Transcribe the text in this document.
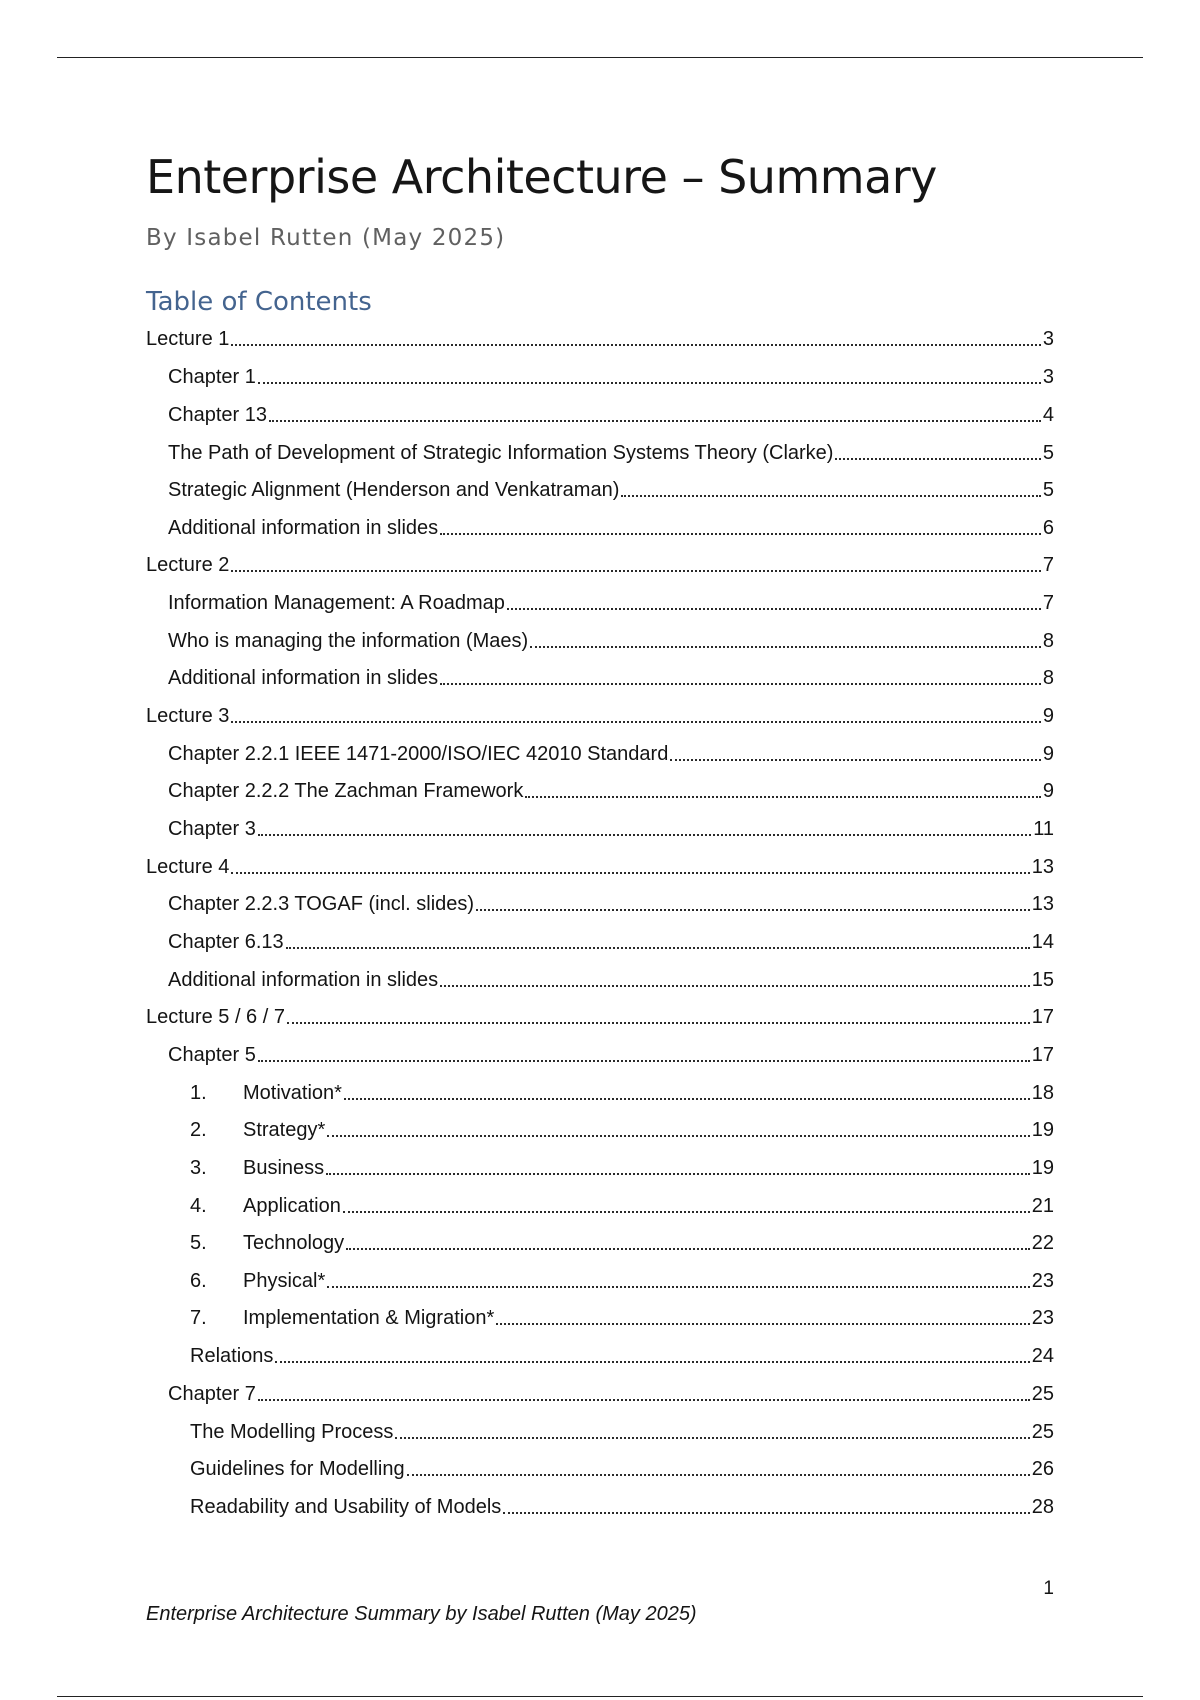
Enterprise Architecture – Summary
By Isabel Rutten (May 2025)
Table of Contents
Lecture 1	3
Chapter 1	3
Chapter 13	4
The Path of Development of Strategic Information Systems Theory (Clarke)	5
Strategic Alignment (Henderson and Venkatraman)	5
Additional information in slides	6
Lecture 2	7
Information Management: A Roadmap	7
Who is managing the information (Maes)	8
Additional information in slides	8
Lecture 3	9
Chapter 2.2.1 IEEE 1471-2000/ISO/IEC 42010 Standard	9
Chapter 2.2.2 The Zachman Framework	9
Chapter 3	11
Lecture 4	13
Chapter 2.2.3 TOGAF (incl. slides)	13
Chapter 6.13	14
Additional information in slides	15
Lecture 5 / 6 / 7	17
Chapter 5	17
1.	Motivation*	18
2.	Strategy*	19
3.	Business	19
4.	Application	21
5.	Technology	22
6.	Physical*	23
7.	Implementation & Migration*	23
Relations	24
Chapter 7	25
The Modelling Process	25
Guidelines for Modelling	26
Readability and Usability of Models	28
1
Enterprise Architecture Summary by Isabel Rutten (May 2025)
